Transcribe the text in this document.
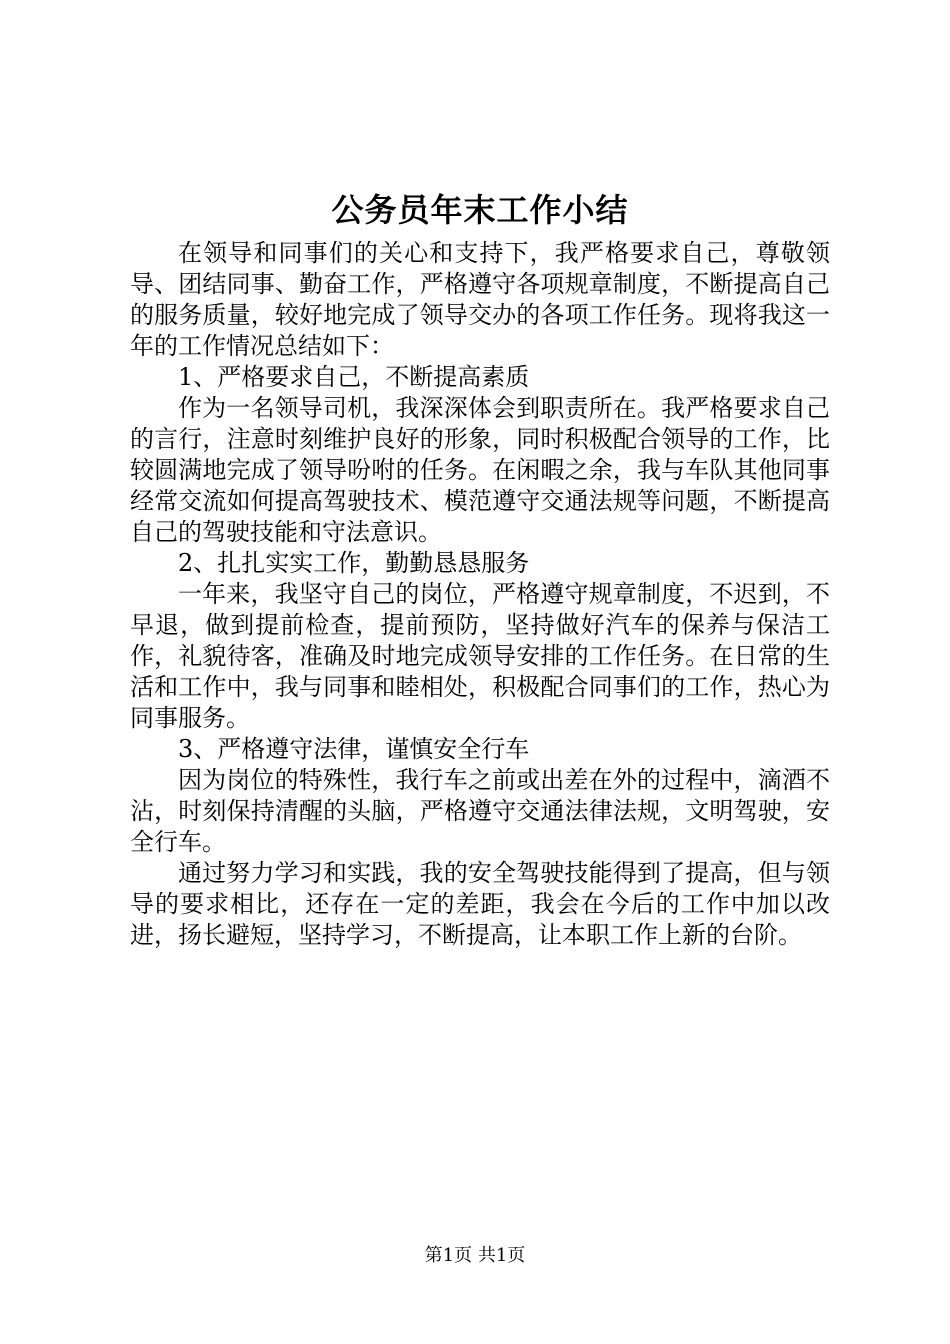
公务员年末工作小结

在领导和同事们的关心和支持下，我严格要求自己，尊敬领导、团结同事、勤奋工作，严格遵守各项规章制度，不断提高自己的服务质量，较好地完成了领导交办的各项工作任务。现将我这一年的工作情况总结如下：

1、严格要求自己，不断提高素质

作为一名领导司机，我深深体会到职责所在。我严格要求自己的言行，注意时刻维护良好的形象，同时积极配合领导的工作，比较圆满地完成了领导吩咐的任务。在闲暇之余，我与车队其他同事经常交流如何提高驾驶技术、模范遵守交通法规等问题，不断提高自己的驾驶技能和守法意识。

2、扎扎实实工作，勤勤恳恳服务

一年来，我坚守自己的岗位，严格遵守规章制度，不迟到，不早退，做到提前检查，提前预防，坚持做好汽车的保养与保洁工作，礼貌待客，准确及时地完成领导安排的工作任务。在日常的生活和工作中，我与同事和睦相处，积极配合同事们的工作，热心为同事服务。

3、严格遵守法律，谨慎安全行车

因为岗位的特殊性，我行车之前或出差在外的过程中，滴酒不沾，时刻保持清醒的头脑，严格遵守交通法律法规，文明驾驶，安全行车。

通过努力学习和实践，我的安全驾驶技能得到了提高，但与领导的要求相比，还存在一定的差距，我会在今后的工作中加以改进，扬长避短，坚持学习，不断提高，让本职工作上新的台阶。

第1页 共1页
